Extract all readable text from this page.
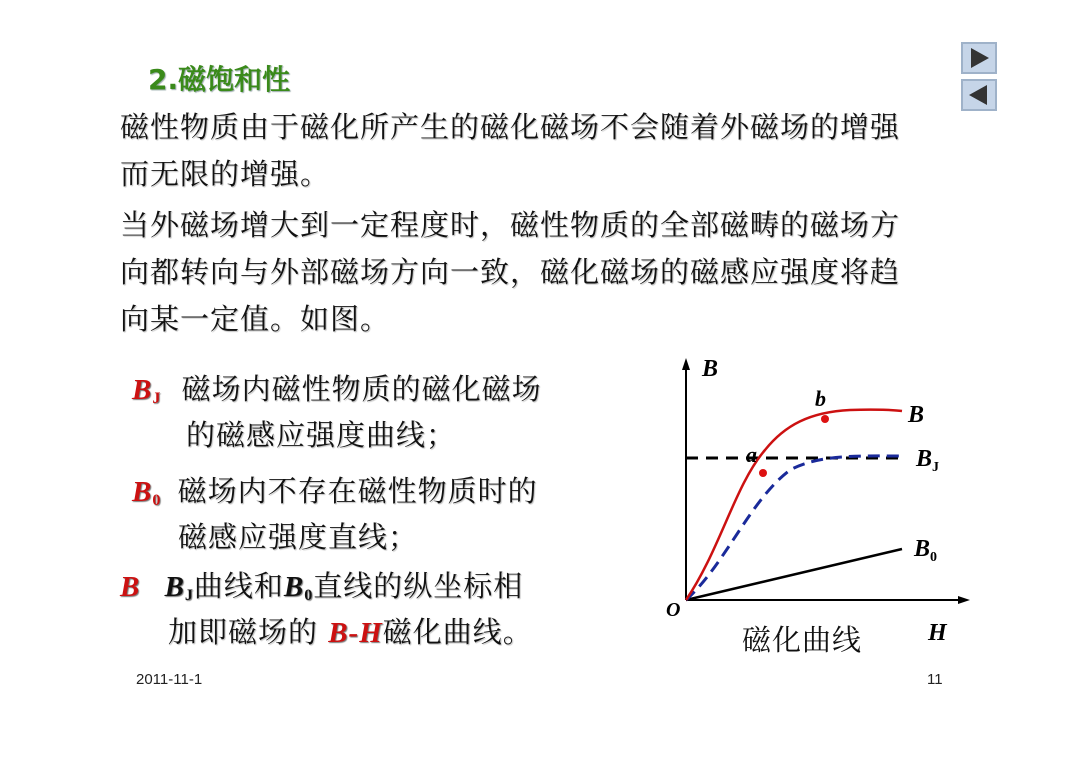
2.磁饱和性
磁性物质由于磁化所产生的磁化磁场不会随着外磁场的增强而无限的增强。
当外磁场增大到一定程度时，磁性物质的全部磁畴的磁场方向都转向与外部磁场方向一致，磁化磁场的磁感应强度将趋向某一定值。如图。
BJ 磁场内磁性物质的磁化磁场
的磁感应强度曲线；
B0 磁场内不存在磁性物质时的
磁感应强度直线；
B BJ曲线和B0直线的纵坐标相
加即磁场的 B-H磁化曲线。
B
H
O
a
b
B
$B_J$
$B_0$
磁化曲线
2011-11-1	11
